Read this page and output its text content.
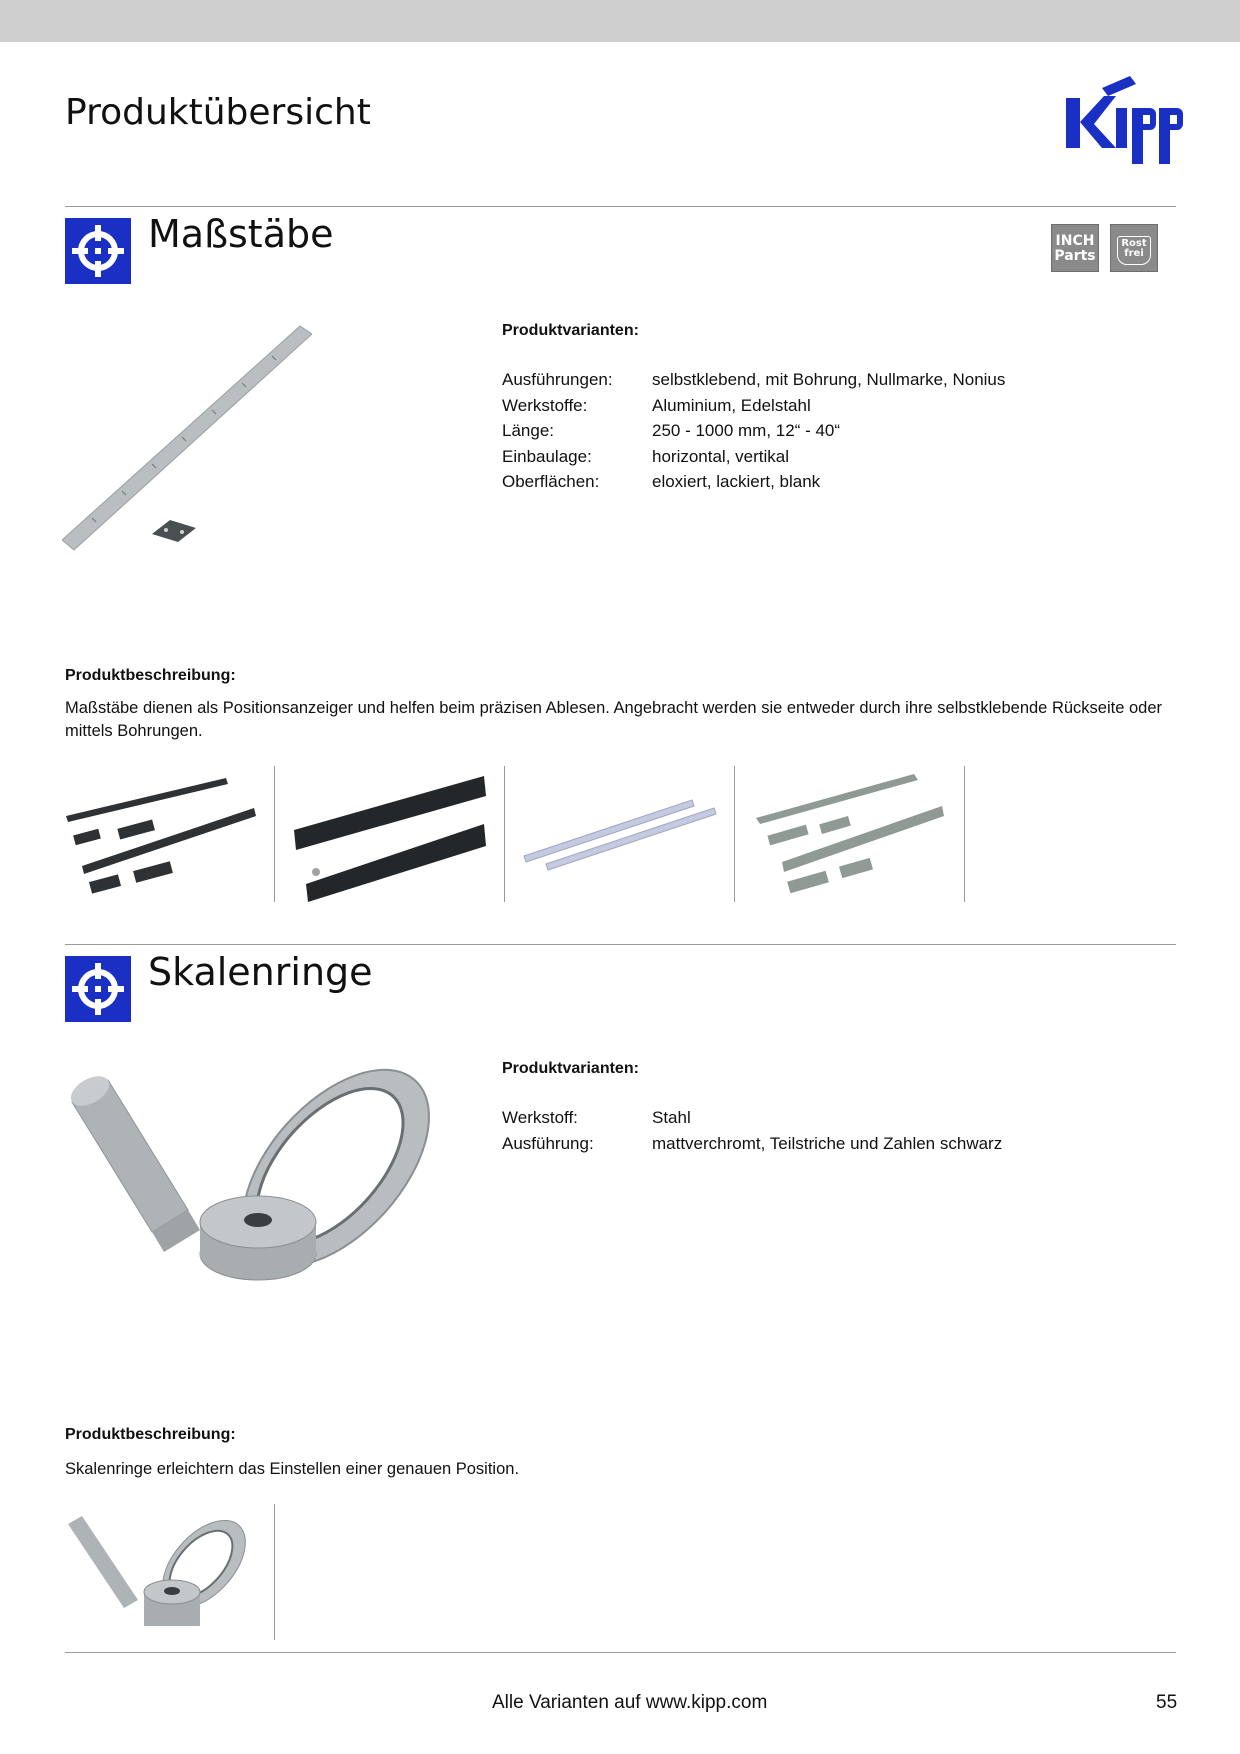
Produktübersicht
Maßstäbe	INCH
Parts
Rost
frei
Produktvarianten:
Ausführungen:	selbstklebend, mit Bohrung, Nullmarke, Nonius
Werkstoffe:	Aluminium, Edelstahl
Länge:	250 - 1000 mm, 12“ - 40“
Einbaulage:	horizontal, vertikal
Oberflächen:	eloxiert, lackiert, blank
Produktbeschreibung:

Maßstäbe dienen als Positionsanzeiger und helfen beim präzisen Ablesen. Angebracht werden sie entweder durch ihre selbstklebende Rückseite oder mittels Bohrungen.

Skalenringe
Produktvarianten:
Werkstoff:	Stahl
Ausführung:	mattverchromt, Teilstriche und Zahlen schwarz
Produktbeschreibung:

Skalenringe erleichtern das Einstellen einer genauen Position.

Alle Varianten auf www.kipp.com	55
